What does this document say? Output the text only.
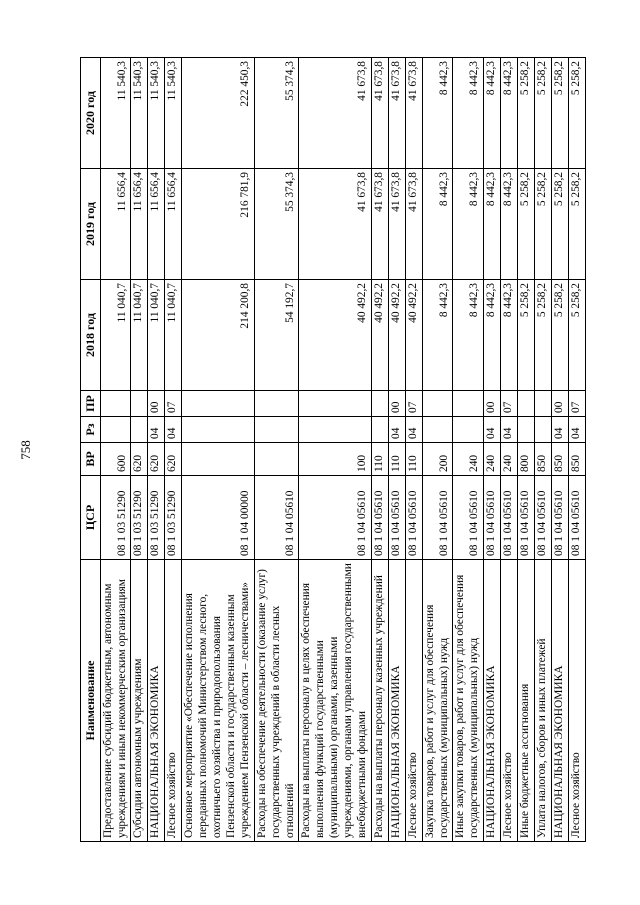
758
Наименование	ЦСР	ВР	Рз	ПР	2018 год	2019 год	2020 год
Предоставление субсидий бюджетным, автономным учреждениям и иным некоммерческим организациям	08 1 03 51290	600			11 040,7	11 656,4	11 540,3
Субсидии автономным учреждениям	08 1 03 51290	620			11 040,7	11 656,4	11 540,3
НАЦИОНАЛЬНАЯ ЭКОНОМИКА	08 1 03 51290	620	04	00	11 040,7	11 656,4	11 540,3
Лесное хозяйство	08 1 03 51290	620	04	07	11 040,7	11 656,4	11 540,3
Основное мероприятие «Обеспечение исполнения переданных полномочий Министерством лесного, охотничьего хозяйства и природопользования Пензенской области и государственным казенным учреждением Пензенской области – лесничествами»	08 1 04 00000				214 200,8	216 781,9	222 450,3
Расходы на обеспечение деятельности (оказание услуг) государственных учреждений в области лесных отношений	08 1 04 05610				54 192,7	55 374,3	55 374,3
Расходы на выплаты персоналу в целях обеспечения выполнения функций государственными (муниципальными) органами, казенными учреждениями, органами управления государственными внебюджетными фондами	08 1 04 05610	100			40 492,2	41 673,8	41 673,8
Расходы на выплаты персоналу казенных учреждений	08 1 04 05610	110			40 492,2	41 673,8	41 673,8
НАЦИОНАЛЬНАЯ ЭКОНОМИКА	08 1 04 05610	110	04	00	40 492,2	41 673,8	41 673,8
Лесное хозяйство	08 1 04 05610	110	04	07	40 492,2	41 673,8	41 673,8
Закупка товаров, работ и услуг для обеспечения государственных (муниципальных) нужд	08 1 04 05610	200			8 442,3	8 442,3	8 442,3
Иные закупки товаров, работ и услуг для обеспечения государственных (муниципальных) нужд	08 1 04 05610	240			8 442,3	8 442,3	8 442,3
НАЦИОНАЛЬНАЯ ЭКОНОМИКА	08 1 04 05610	240	04	00	8 442,3	8 442,3	8 442,3
Лесное хозяйство	08 1 04 05610	240	04	07	8 442,3	8 442,3	8 442,3
Иные бюджетные ассигнования	08 1 04 05610	800			5 258,2	5 258,2	5 258,2
Уплата налогов, сборов и иных платежей	08 1 04 05610	850			5 258,2	5 258,2	5 258,2
НАЦИОНАЛЬНАЯ ЭКОНОМИКА	08 1 04 05610	850	04	00	5 258,2	5 258,2	5 258,2
Лесное хозяйство	08 1 04 05610	850	04	07	5 258,2	5 258,2	5 258,2
